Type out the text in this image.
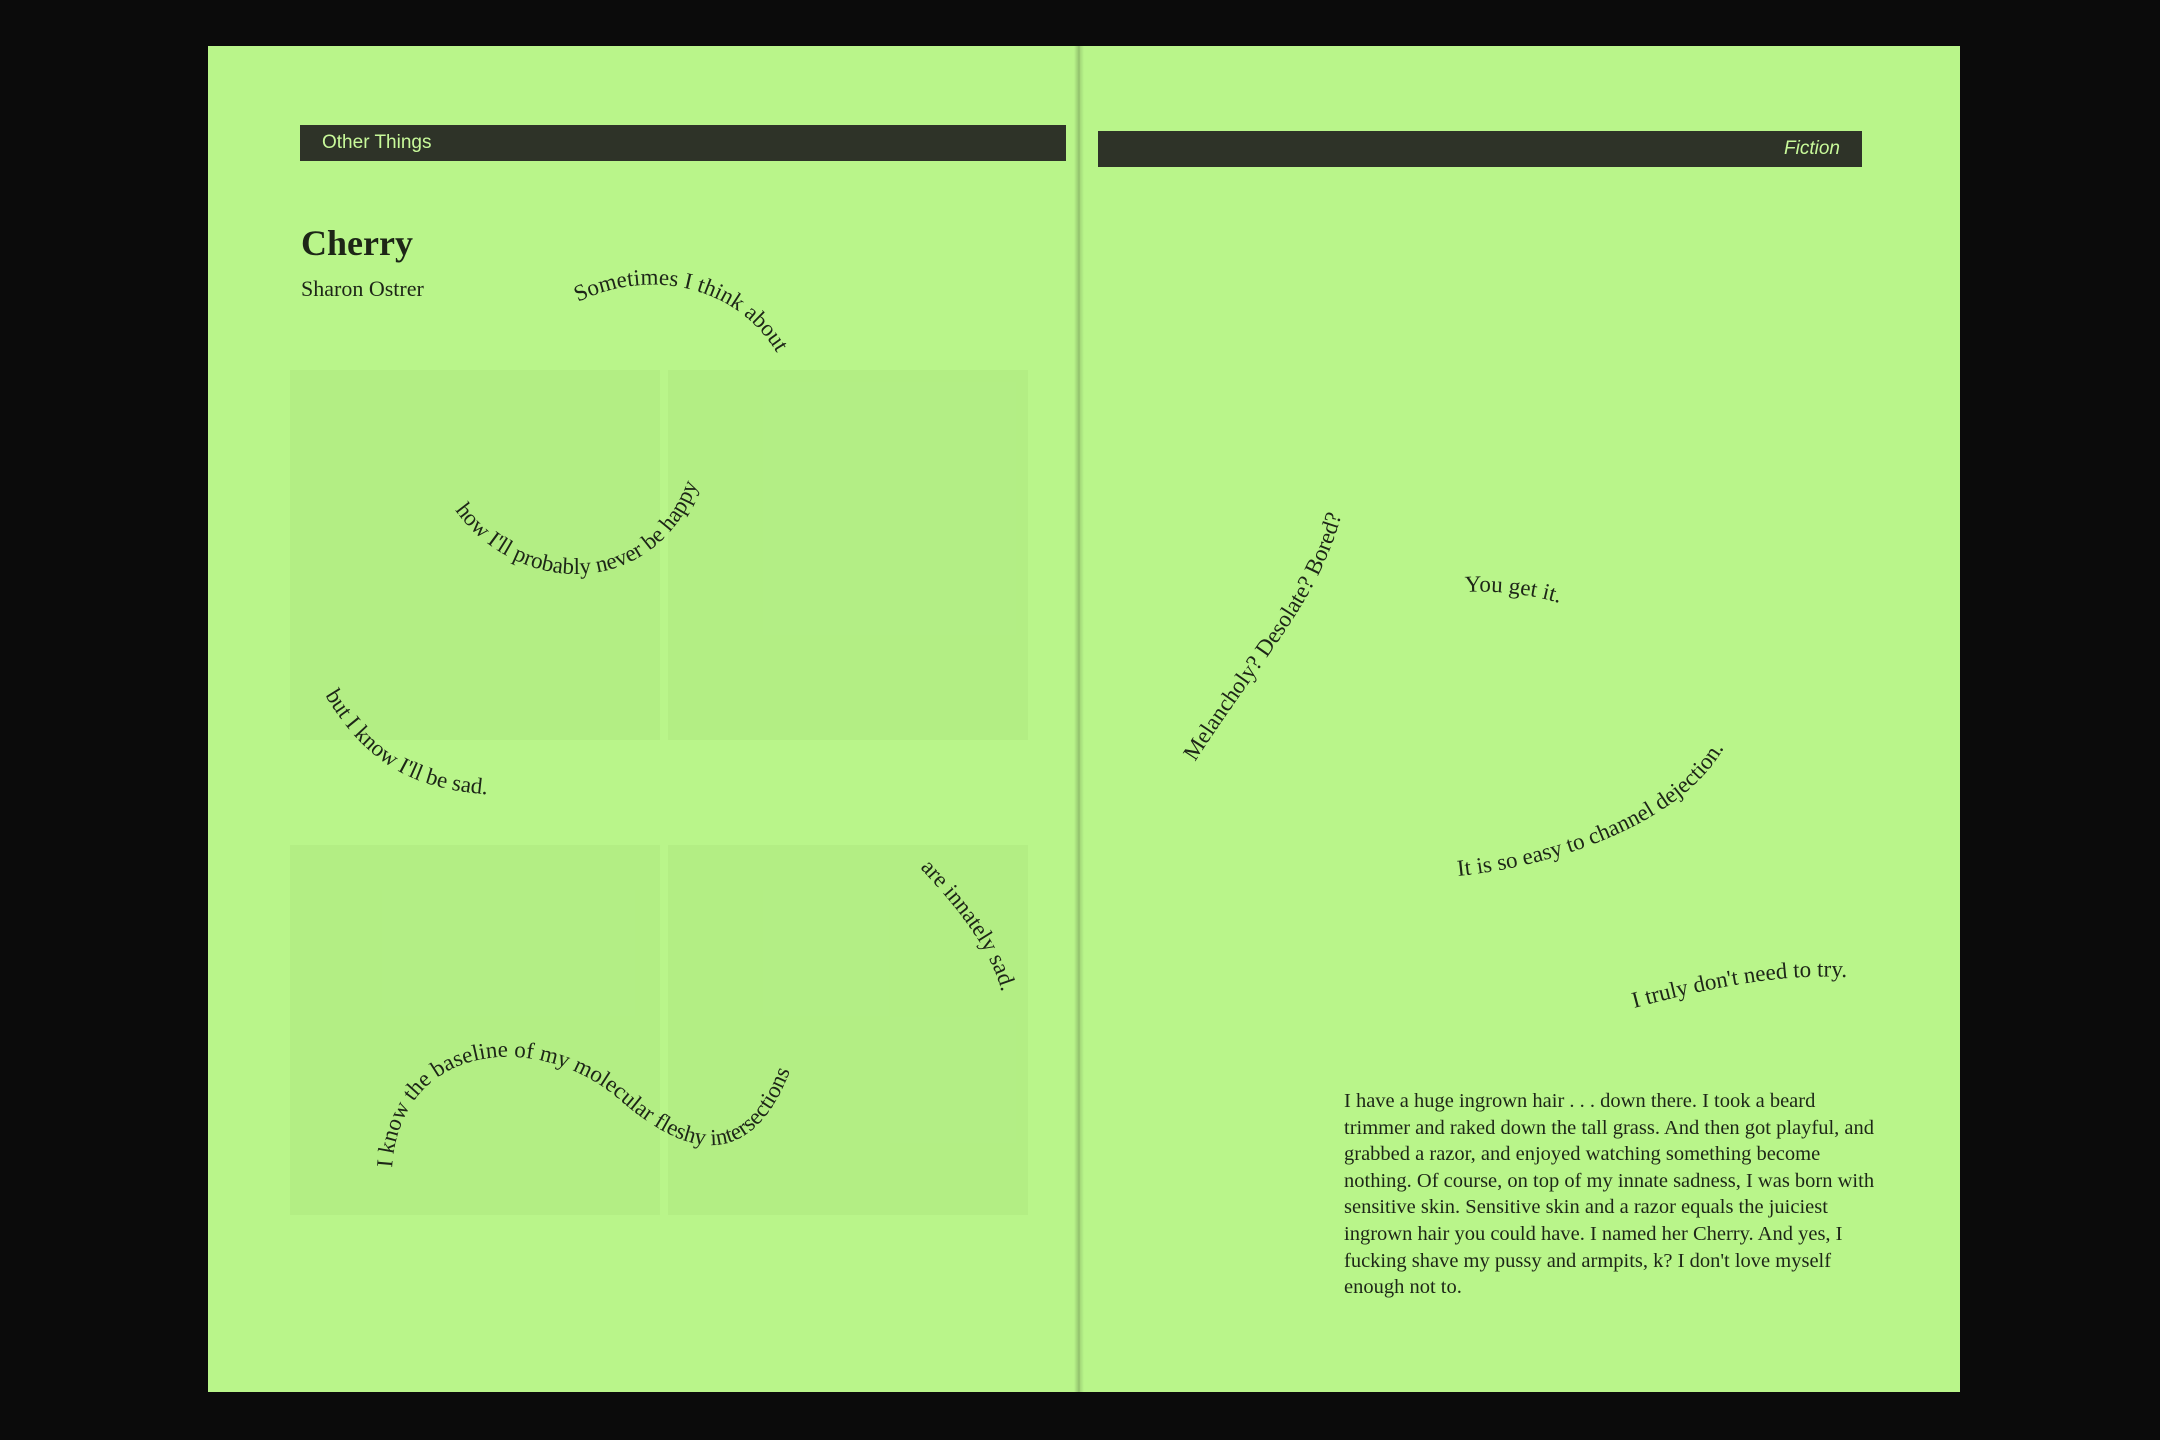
Other Things	Fiction
Cherry

Sharon Ostrer	Sometimes I think about
how I'll probably never be happy
but I know I'll be sad.
are innately sad.
I know the baseline of my molecular fleshy intersections
Melancholy? Desolate? Bored?
You get it.
It is so easy to channel dejection.
I truly don't need to try.

I have a huge ingrown hair . . . down there. I took a beard trimmer and raked down the tall grass. And then got playful, and grabbed a razor, and enjoyed watching something become nothing. Of course, on top of my innate sadness, I was born with sensitive skin. Sensitive skin and a razor equals the juiciest ingrown hair you could have. I named her Cherry. And yes, I fucking shave my pussy and armpits, k? I don't love myself enough not to.
